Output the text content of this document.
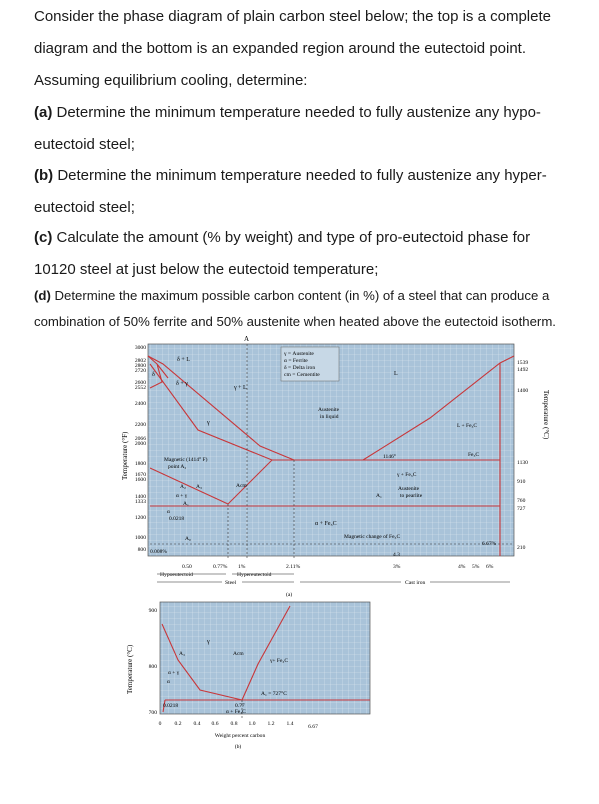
Consider the phase diagram of plain carbon steel below; the top is a complete
diagram and the bottom is an expanded region around the eutectoid point.
Assuming equilibrium cooling, determine:
(a) Determine the minimum temperature needed to fully austenize any hypo-
eutectoid steel;
(b) Determine the minimum temperature needed to fully austenize any hyper-
eutectoid steel;
(c) Calculate the amount (% by weight) and type of pro-eutectoid phase for
10120 steel at just below the eutectoid temperature;
(d) Determine the maximum possible carbon content (in %) of a steel that can produce a
combination of 50% ferrite and 50% austenite when heated above the eutectoid isotherm.
A
Temperature (°F)
3000
2802
2800
2720
2600
2552
2400
2200
2066
2000
1800
1670
1600
1400
1333
1200
1000
800
Temperature (°C)
1539
1492
1400
1130
910
760
727
210
γ = Austenite
α = Ferrite
δ = Delta iron
cm = Cementite
δ + L
δ
δ + γ
γ + L
L
γ
Austenite
in liquid
1146°
L + Fe₃C
Fe₃C
Magnetic (1414° F)
point A₂
A₂ A₃	Acm
α + γ
A₁
α
0.0218
α + Fe₃C
A₀
γ + Fe₃C
Austenite
to pearlite
A₁
Magnetic change of Fe₃C
6.67%
4.3
0.008%
0.50	0.77% 1%	2.11%	3%	4% 5% 6%
Hypoeutectoid	Hypereutectoid
Steel	Cast iron
(a)
Temperature (°C)
900
800
700
γ
A₃	Acm
α + γ
α
γ+ Fe₃C
A₁ = 727°C
0.0218	0.77
α + Fe₃C
0 0.2 0.4 0.6 0.8 1.0 1.2 1.4	6.67
Weight percent carbon
(b)
